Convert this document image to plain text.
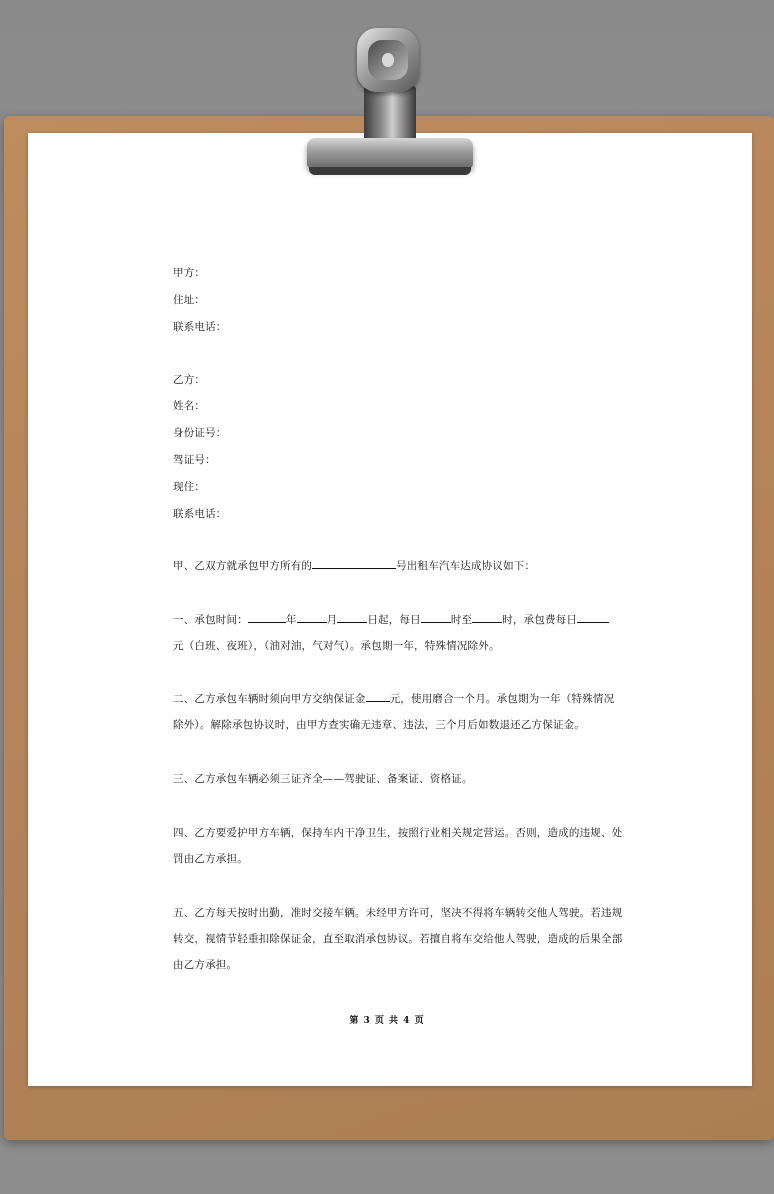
甲方：
住址：
联系电话：
乙方：
姓名：
身份证号：
驾证号：
现住：
联系电话：
甲、乙双方就承包甲方所有的	号出租车汽车达成协议如下：
一、承包时间：	年	月	日起，每日	时至	时，承包费每日
元（白班、夜班），（油对油，气对气）。承包期一年，特殊情况除外。
二、乙方承包车辆时须向甲方交纳保证金 元，使用磨合一个月。承包期为一年（特殊情况
除外）。解除承包协议时，由甲方查实确无违章、违法，三个月后如数退还乙方保证金。
三、乙方承包车辆必须三证齐全——驾驶证、备案证、资格证。
四、乙方要爱护甲方车辆，保持车内干净卫生，按照行业相关规定营运。否则，造成的违规、处
罚由乙方承担。
五、乙方每天按时出勤，准时交接车辆。未经甲方许可，坚决不得将车辆转交他人驾驶。若违规
转交，视情节轻重扣除保证金，直至取消承包协议。若擅自将车交给他人驾驶，造成的后果全部
由乙方承担。
第 3 页 共 4 页
